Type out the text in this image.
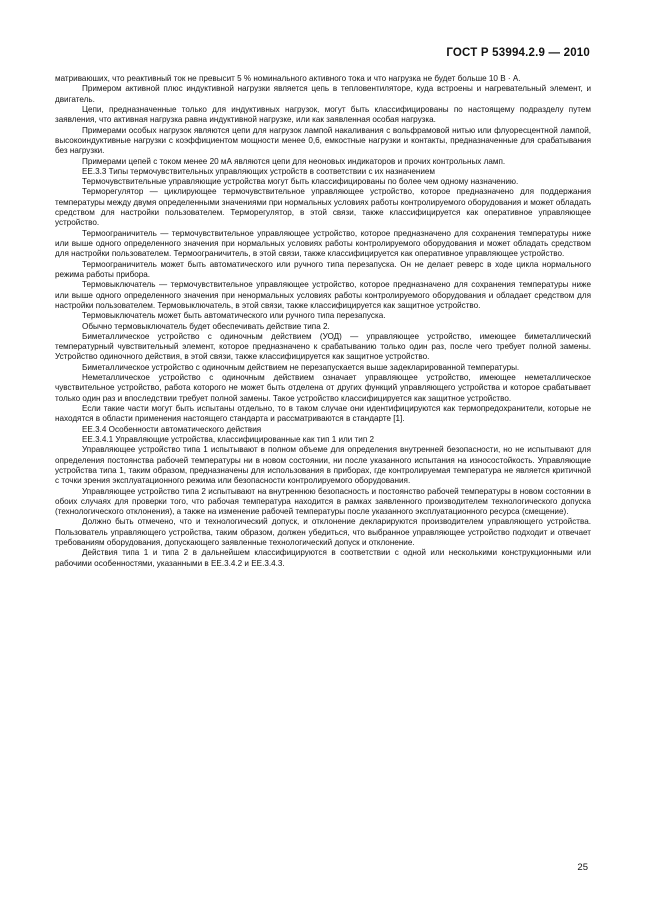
ГОСТ Р 53994.2.9 — 2010

матриваюших, что реактивный ток не превысит 5 % номинального активного тока и что нагрузка не будет больше 10 В · А.

Примером активной плюс индуктивной нагрузки является цепь в тепловентиляторе, куда встроены и нагревательный элемент, и двигатель.

Цепи, предназначенные только для индуктивных нагрузок, могут быть классифицированы по настоящему подразделу путем заявления, что активная нагрузка равна индуктивной нагрузке, или как заявленная особая нагрузка.

Примерами особых нагрузок являются цепи для нагрузок лампой накаливания с вольфрамовой нитью или флуоресцентной лампой, высокоиндуктивные нагрузки с коэффициентом мощности менее 0,6, емкостные нагрузки и контакты, предназначенные для срабатывания без нагрузки.

Примерами цепей с током менее 20 мА являются цепи для неоновых индикаторов и прочих контрольных ламп.

ЕЕ.3.3 Типы термочувствительных управляющих устройств в соответствии с их назначением

Термочувствительные управляющие устройства могут быть классифицированы по более чем одному назначению.

Терморегулятор — циклирующее термочувствительное управляющее устройство, которое предназначено для поддержания температуры между двумя определенными значениями при нормальных условиях работы контролируемого оборудования и может обладать средством для настройки пользователем. Терморегулятор, в этой связи, также классифицируется как оперативное управляющее устройство.

Термоограничитель — термочувствительное управляющее устройство, которое предназначено для сохранения температуры ниже или выше одного определенного значения при нормальных условиях работы контролируемого оборудования и может обладать средством для настройки пользователем. Термоограничитель, в этой связи, также классифицируется как оперативное управляющее устройство.

Термоограничитель может быть автоматического или ручного типа перезапуска. Он не делает реверс в ходе цикла нормального режима работы прибора.

Термовыключатель — термочувствительное управляющее устройство, которое предназначено для сохранения температуры ниже или выше одного определенного значения при ненормальных условиях работы контролируемого оборудования и обладает средством для настройки пользователем. Термовыключатель, в этой связи, также классифицируется как защитное устройство.

Термовыключатель может быть автоматического или ручного типа перезапуска.

Обычно термовыключатель будет обеспечивать действие типа 2.

Биметаллическое устройство с одиночным действием (УОД) — управляющее устройство, имеющее биметаллический температурный чувствительный элемент, которое предназначено к срабатыванию только один раз, после чего требует полной замены. Устройство одиночного действия, в этой связи, также классифицируется как защитное устройство.

Биметаллическое устройство с одиночным действием не перезапускается выше задекларированной температуры.

Неметаллическое устройство с одиночным действием означает управляющее устройство, имеющее неметаллическое чувствительное устройство, работа которого не может быть отделена от других функций управляющего устройства и которое срабатывает только один раз и впоследствии требует полной замены. Такое устройство классифицируется как защитное устройство.

Если такие части могут быть испытаны отдельно, то в таком случае они идентифицируются как термопредохранители, которые не находятся в области применения настоящего стандарта и рассматриваются в стандарте [1].

ЕЕ.3.4 Особенности автоматического действия

ЕЕ.3.4.1 Управляющие устройства, классифицированные как тип 1 или тип 2

Управляющее устройство типа 1 испытывают в полном объеме для определения внутренней безопасности, но не испытывают для определения постоянства рабочей температуры ни в новом состоянии, ни после указанного испытания на износостойкость. Управляющие устройства типа 1, таким образом, предназначены для использования в приборах, где контролируемая температура не является критичной с точки зрения эксплуатационного режима или безопасности контролируемого оборудования.

Управляющее устройство типа 2 испытывают на внутреннюю безопасность и постоянство рабочей температуры в новом состоянии в обоих случаях для проверки того, что рабочая температура находится в рамках заявленного производителем технологического допуска (технологического отклонения), а также на изменение рабочей температуры после указанного эксплуатационного ресурса (смещение).

Должно быть отмечено, что и технологический допуск, и отклонение декларируются производителем управляющего устройства. Пользователь управляющего устройства, таким образом, должен убедиться, что выбранное управляющее устройство подходит и отвечает требованиям оборудования, допускающего заявленные технологический допуск и отклонение.

Действия типа 1 и типа 2 в дальнейшем классифицируются в соответствии с одной или несколькими конструкционными или рабочими особенностями, указанными в ЕЕ.3.4.2 и ЕЕ.3.4.3.

25
